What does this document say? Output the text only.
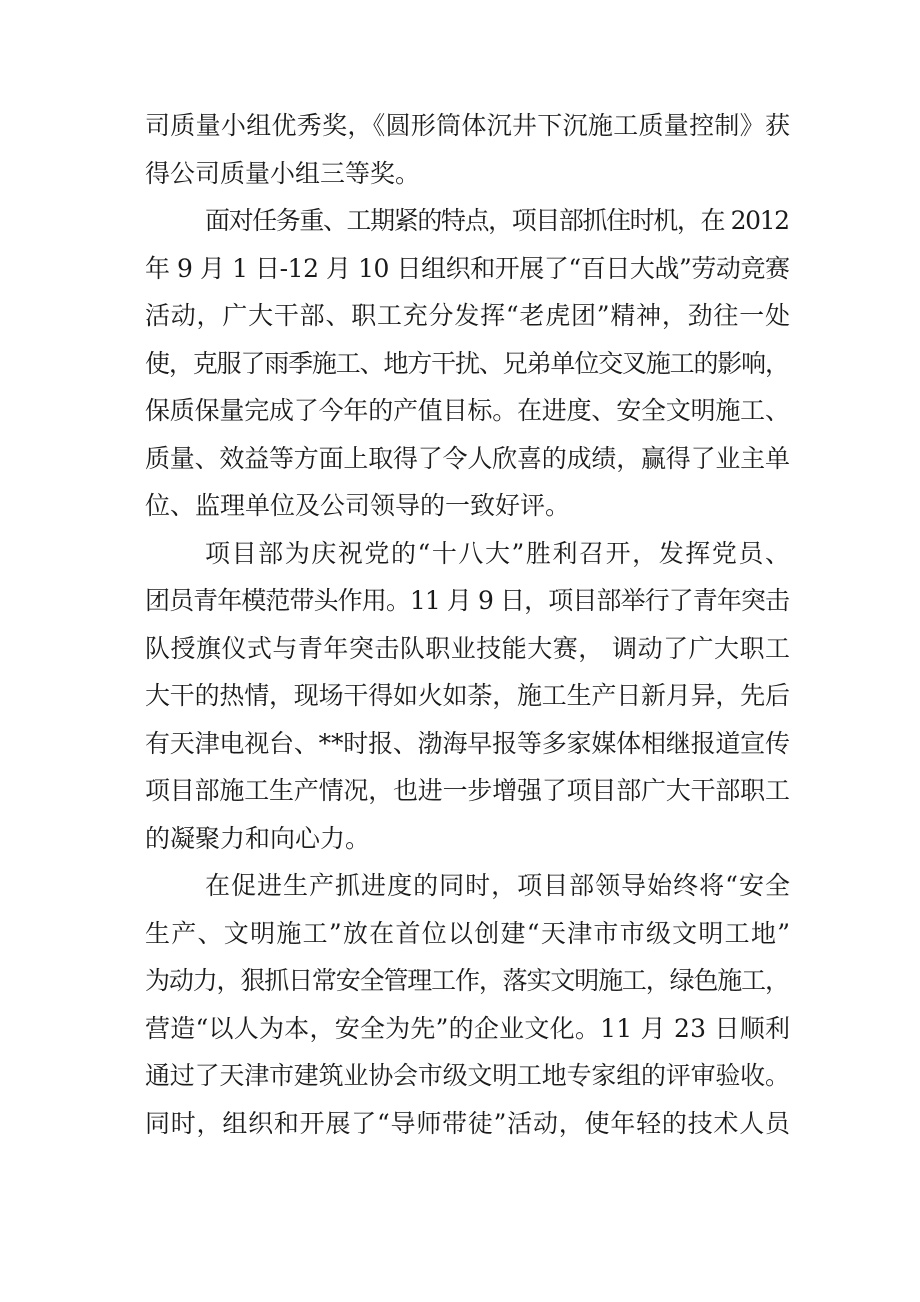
司质量小组优秀奖，《圆形筒体沉井下沉施工质量控制》获
得公司质量小组三等奖。
面对任务重、工期紧的特点，项目部抓住时机，在 2012
年 9 月 1 日-12 月 10 日组织和开展了“百日大战”劳动竞赛
活动，广大干部、职工充分发挥“老虎团”精神，劲往一处
使，克服了雨季施工、地方干扰、兄弟单位交叉施工的影响，
保质保量完成了今年的产值目标。在进度、安全文明施工、
质量、效益等方面上取得了令人欣喜的成绩，赢得了业主单
位、监理单位及公司领导的一致好评。
项目部为庆祝党的“十八大”胜利召开，发挥党员、
团员青年模范带头作用。11 月 9 日，项目部举行了青年突击
队授旗仪式与青年突击队职业技能大赛， 调动了广大职工
大干的热情，现场干得如火如荼，施工生产日新月异，先后
有天津电视台、**时报、渤海早报等多家媒体相继报道宣传
项目部施工生产情况，也进一步增强了项目部广大干部职工
的凝聚力和向心力。
在促进生产抓进度的同时，项目部领导始终将“安全
生产、文明施工”放在首位以创建“天津市市级文明工地”
为动力，狠抓日常安全管理工作，落实文明施工，绿色施工，
营造“以人为本，安全为先”的企业文化。11 月 23 日顺利
通过了天津市建筑业协会市级文明工地专家组的评审验收。
同时，组织和开展了“导师带徒”活动，使年轻的技术人员
